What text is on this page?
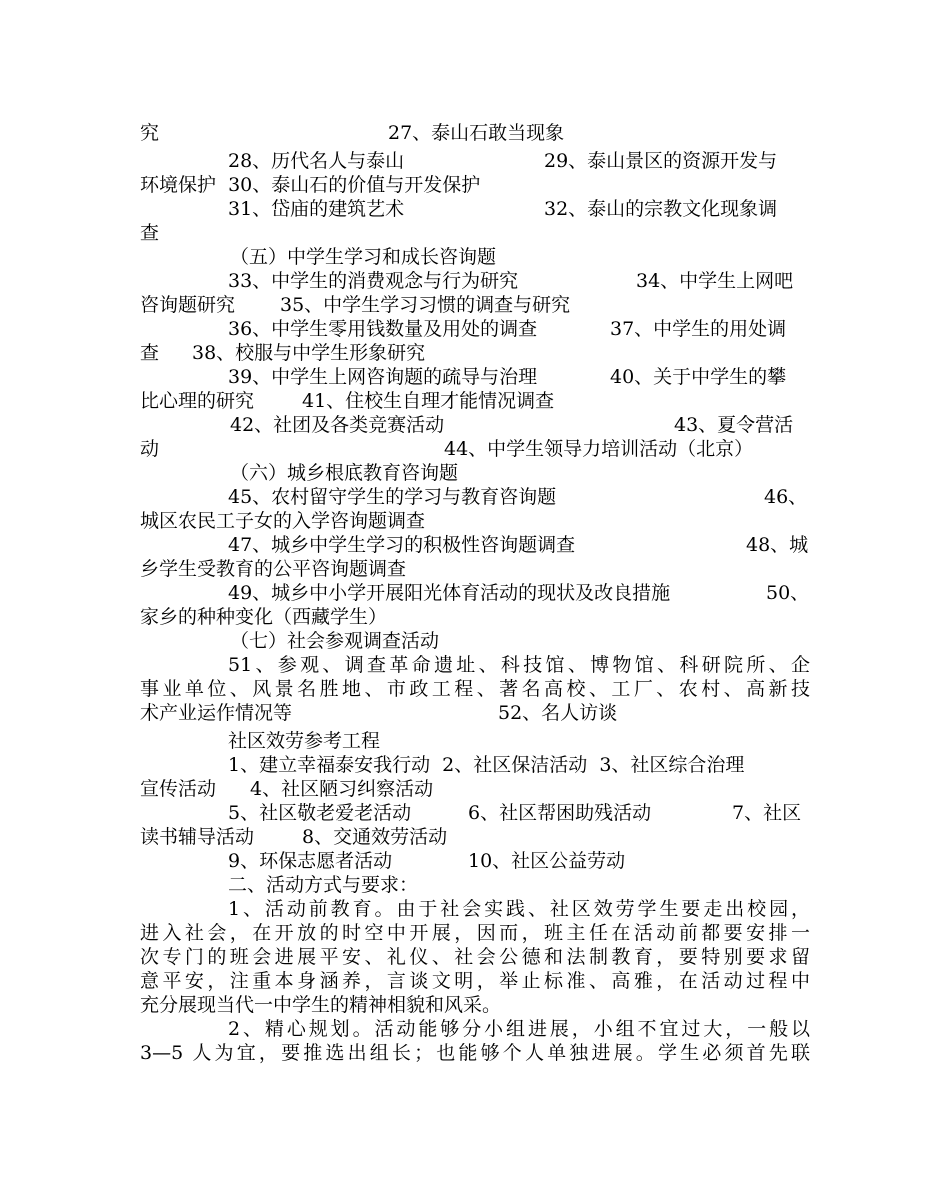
究

	27、泰山石敢当现象

28、历代名人与泰山

	29、泰山景区的资源开发与

环境保护  30、泰山石的价值与开发保护

31、岱庙的建筑艺术

	32、泰山的宗教文化现象调

查

（五）中学生学习和成长咨询题

33、中学生的消费观念与行为研究

	34、中学生上网吧

咨询题研究

35、中学生学习习惯的调查与研究

36、中学生零用钱数量及用处的调查

	37、中学生的用处调

查

38、校服与中学生形象研究

39、中学生上网咨询题的疏导与治理

	40、关于中学生的攀

比心理的研究

	41、住校生自理才能情况调查

42、社团及各类竞赛活动

	43、夏令营活

动

	44、中学生领导力培训活动（北京）

（六）城乡根底教育咨询题

45、农村留守学生的学习与教育咨询题

	46、

城区农民工子女的入学咨询题调查

47、城乡中学生学习的积极性咨询题调查

	48、城

乡学生受教育的公平咨询题调查

49、城乡中小学开展阳光体育活动的现状及改良措施

	50、

家乡的种种变化（西藏学生）

（七）社会参观调查活动

51、参观、调查革命遗址、科技馆、博物馆、科研院所、企
事业单位、风景名胜地、市政工程、著名高校、工厂、农村、高新技

术产业运作情况等

	52、名人访谈

社区效劳参考工程

1、建立幸福泰安我行动  2、社区保洁活动  3、社区综合治理

宣传活动

4、社区陋习纠察活动

5、社区敬老爱老活动

	6、社区帮困助残活动

	7、社区

读书辅导活动

	8、交通效劳活动

9、环保志愿者活动

	10、社区公益劳动

二、活动方式与要求：

1、活动前教育。由于社会实践、社区效劳学生要走出校园，
进入社会，在开放的时空中开展，因而，班主任在活动前都要安排一
次专门的班会进展平安、礼仪、社会公德和法制教育，要特别要求留
意平安，注重本身涵养，言谈文明，举止标准、高雅，在活动过程中
充分展现当代一中学生的精神相貌和风采。
2、精心规划。活动能够分小组进展，小组不宜过大，一般以
3—5 人为宜，要推选出组长；也能够个人单独进展。学生必须首先联
